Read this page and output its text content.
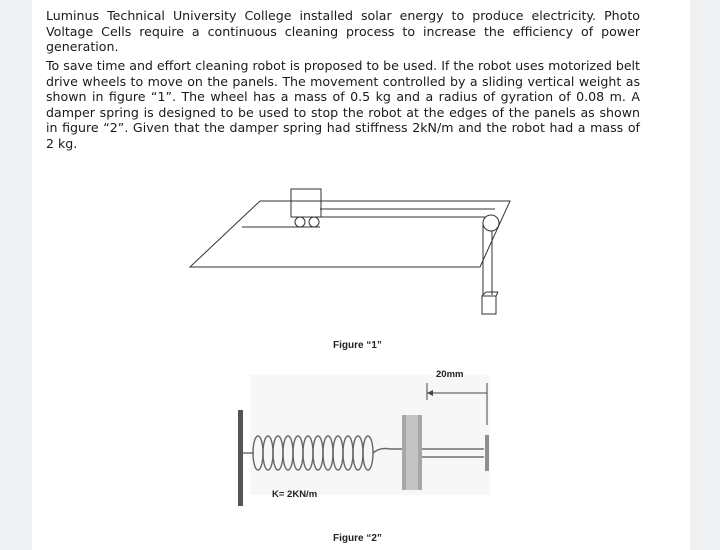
Luminus Technical University College installed solar energy to produce electricity. Photo Voltage Cells require a continuous cleaning process to increase the efficiency of power generation.

To save time and effort cleaning robot is proposed to be used. If the robot uses motorized belt drive wheels to move on the panels. The movement controlled by a sliding vertical weight as shown in figure “1”. The wheel has a mass of 0.5 kg and a radius of gyration of 0.08 m. A damper spring is designed to be used to stop the robot at the edges of the panels as shown in figure “2”. Given that the damper spring had stiffness 2kN/m and the robot had a mass of 2 kg.

Figure “1”
20mm
K= 2KN/m
Figure “2”
